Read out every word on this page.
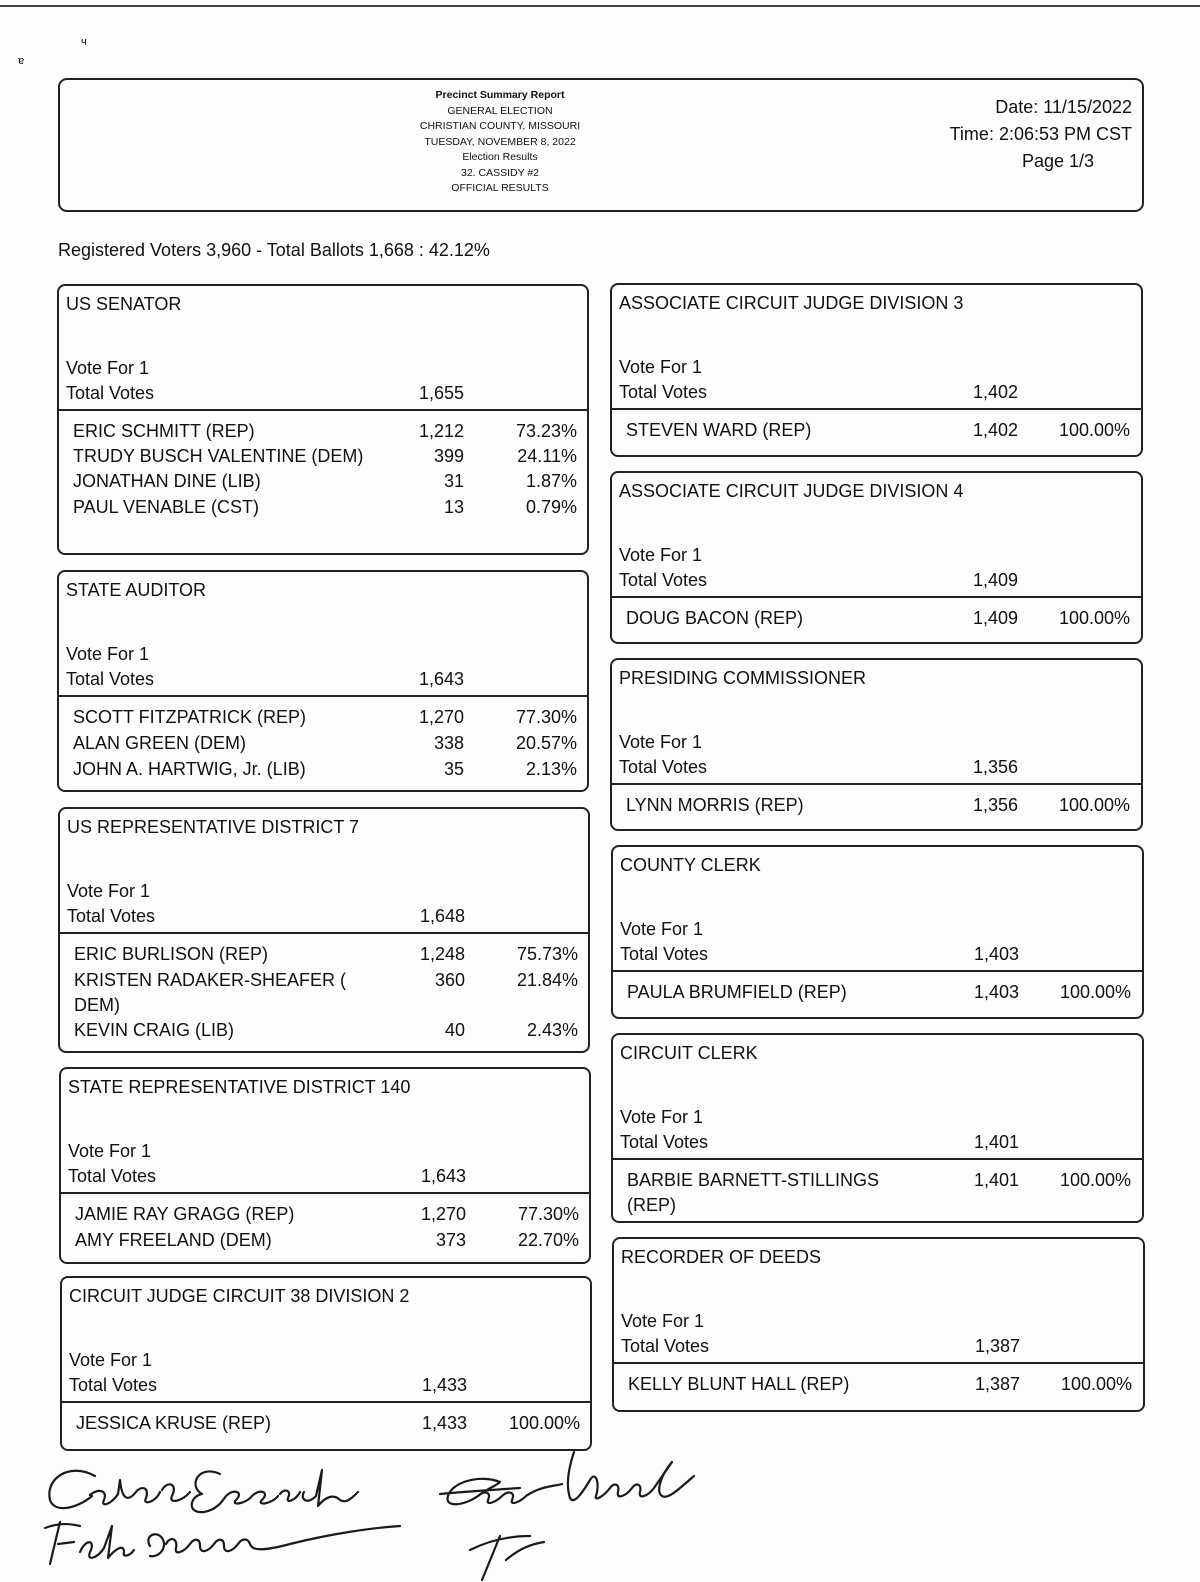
ч
ɐ
Precinct Summary Report
GENERAL ELECTION
CHRISTIAN COUNTY, MISSOURI
TUESDAY, NOVEMBER 8, 2022
Election Results
32. CASSIDY #2
OFFICIAL RESULTS
Date: 11/15/2022
Time: 2:06:53 PM CST
Page 1/3
Registered Voters 3,960 - Total Ballots 1,668 : 42.12%
US SENATOR
Vote For 1
Total Votes	1,655
ERIC SCHMITT (REP)	1,212	73.23%
TRUDY BUSCH VALENTINE (DEM)	399	24.11%
JONATHAN DINE (LIB)	31	1.87%
PAUL VENABLE (CST)	13	0.79%
STATE AUDITOR
Vote For 1
Total Votes	1,643
SCOTT FITZPATRICK (REP)	1,270	77.30%
ALAN GREEN (DEM)	338	20.57%
JOHN A. HARTWIG, Jr. (LIB)	35	2.13%
US REPRESENTATIVE DISTRICT 7
Vote For 1
Total Votes	1,648
ERIC BURLISON (REP)	1,248	75.73%
KRISTEN RADAKER-SHEAFER ( DEM)
360	21.84%
KEVIN CRAIG (LIB)	40	2.43%
STATE REPRESENTATIVE DISTRICT 140
Vote For 1
Total Votes	1,643
JAMIE RAY GRAGG (REP)	1,270	77.30%
AMY FREELAND (DEM)	373	22.70%
CIRCUIT JUDGE CIRCUIT 38 DIVISION 2
Vote For 1
Total Votes	1,433
JESSICA KRUSE (REP)	1,433	100.00%
ASSOCIATE CIRCUIT JUDGE DIVISION 3
Vote For 1
Total Votes	1,402
STEVEN WARD (REP)	1,402	100.00%
ASSOCIATE CIRCUIT JUDGE DIVISION 4
Vote For 1
Total Votes	1,409
DOUG BACON (REP)	1,409	100.00%
PRESIDING COMMISSIONER
Vote For 1
Total Votes	1,356
LYNN MORRIS (REP)	1,356	100.00%
COUNTY CLERK
Vote For 1
Total Votes	1,403
PAULA BRUMFIELD (REP)	1,403	100.00%
CIRCUIT CLERK
Vote For 1
Total Votes	1,401
BARBIE BARNETT-STILLINGS (REP)
1,401	100.00%
RECORDER OF DEEDS
Vote For 1
Total Votes	1,387
KELLY BLUNT HALL (REP)	1,387	100.00%
